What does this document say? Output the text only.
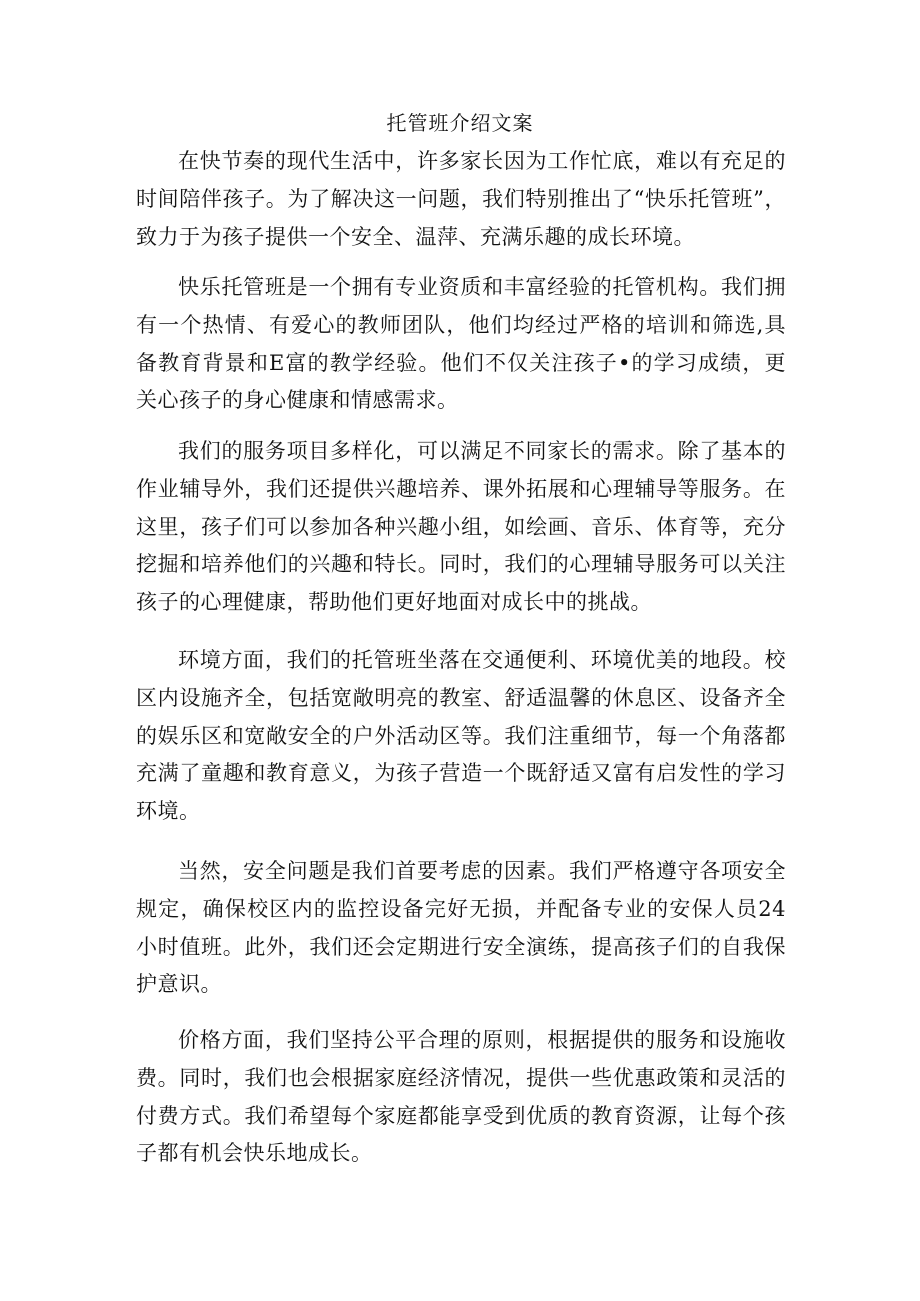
托管班介绍文案

在快节奏的现代生活中，许多家长因为工作忙底，难以有充足的时间陪伴孩子。为了解决这一问题，我们特别推出了“快乐托管班”，致力于为孩子提供一个安全、温萍、充满乐趣的成长环境。

快乐托管班是一个拥有专业资质和丰富经验的托管机构。我们拥有一个热情、有爱心的教师团队，他们均经过严格的培训和筛选,具备教育背景和E富的教学经验。他们不仅关注孩子•的学习成绩，更关心孩子的身心健康和情感需求。

我们的服务项目多样化，可以满足不同家长的需求。除了基本的作业辅导外，我们还提供兴趣培养、课外拓展和心理辅导等服务。在这里，孩子们可以参加各种兴趣小组，如绘画、音乐、体育等，充分挖掘和培养他们的兴趣和特长。同时，我们的心理辅导服务可以关注孩子的心理健康，帮助他们更好地面对成长中的挑战。

环境方面，我们的托管班坐落在交通便利、环境优美的地段。校区内设施齐全，包括宽敞明亮的教室、舒适温馨的休息区、设备齐全的娱乐区和宽敞安全的户外活动区等。我们注重细节，每一个角落都充满了童趣和教育意义，为孩子营造一个既舒适又富有启发性的学习环境。

当然，安全问题是我们首要考虑的因素。我们严格遵守各项安全规定，确保校区内的监控设备完好无损，并配备专业的安保人员24小时值班。此外，我们还会定期进行安全演练，提高孩子们的自我保护意识。

价格方面，我们坚持公平合理的原则，根据提供的服务和设施收费。同时，我们也会根据家庭经济情况，提供一些优惠政策和灵活的付费方式。我们希望每个家庭都能享受到优质的教育资源，让每个孩子都有机会快乐地成长。
